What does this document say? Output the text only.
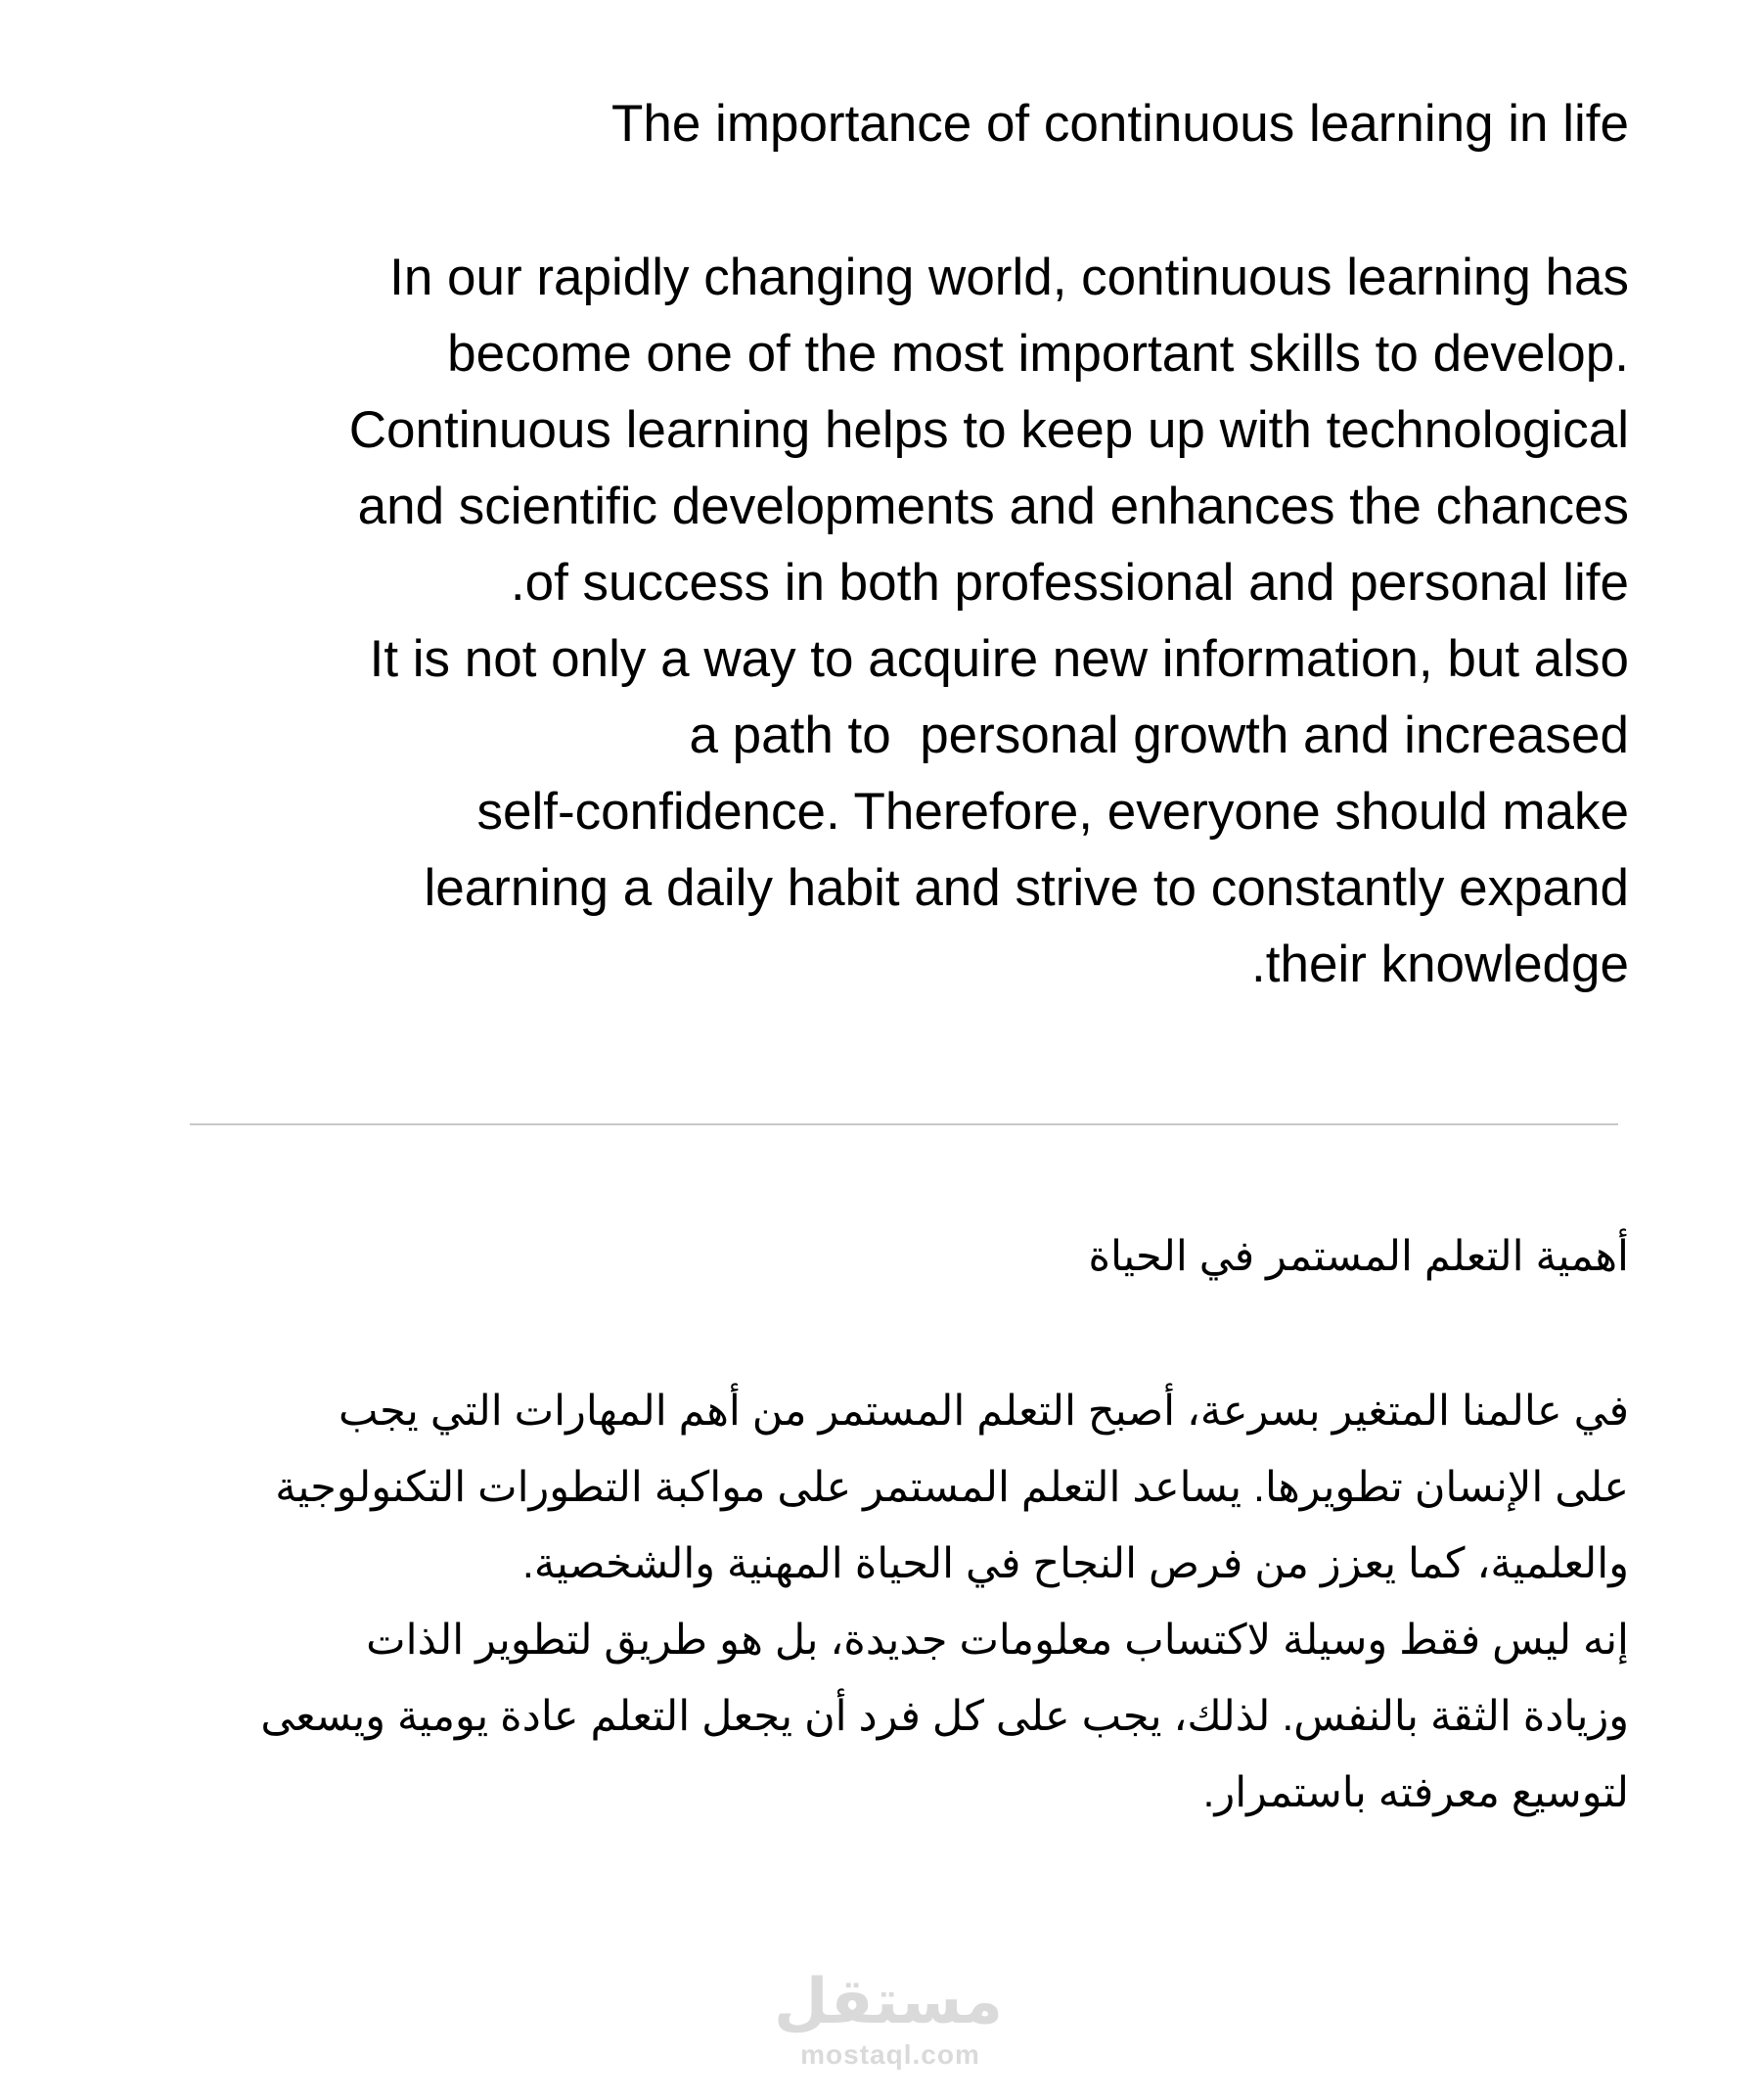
The importance of continuous learning in life
In our rapidly changing world, continuous learning has
become one of the most important skills to develop.
Continuous learning helps to keep up with technological
and scientific developments and enhances the chances
.of success in both professional and personal life
It is not only a way to acquire new information, but also
a path to  personal growth and increased
self-confidence. Therefore, everyone should make
learning a daily habit and strive to constantly expand
.their knowledge
أهمية التعلم المستمر في الحياة
في عالمنا المتغير بسرعة، أصبح التعلم المستمر من أهم المهارات التي يجب
على الإنسان تطويرها. يساعد التعلم المستمر على مواكبة التطورات التكنولوجية
والعلمية، كما يعزز من فرص النجاح في الحياة المهنية والشخصية.
إنه ليس فقط وسيلة لاكتساب معلومات جديدة، بل هو طريق لتطوير الذات
وزيادة الثقة بالنفس. لذلك، يجب على كل فرد أن يجعل التعلم عادة يومية ويسعى
لتوسيع معرفته باستمرار.
مستقل
mostaql.com
